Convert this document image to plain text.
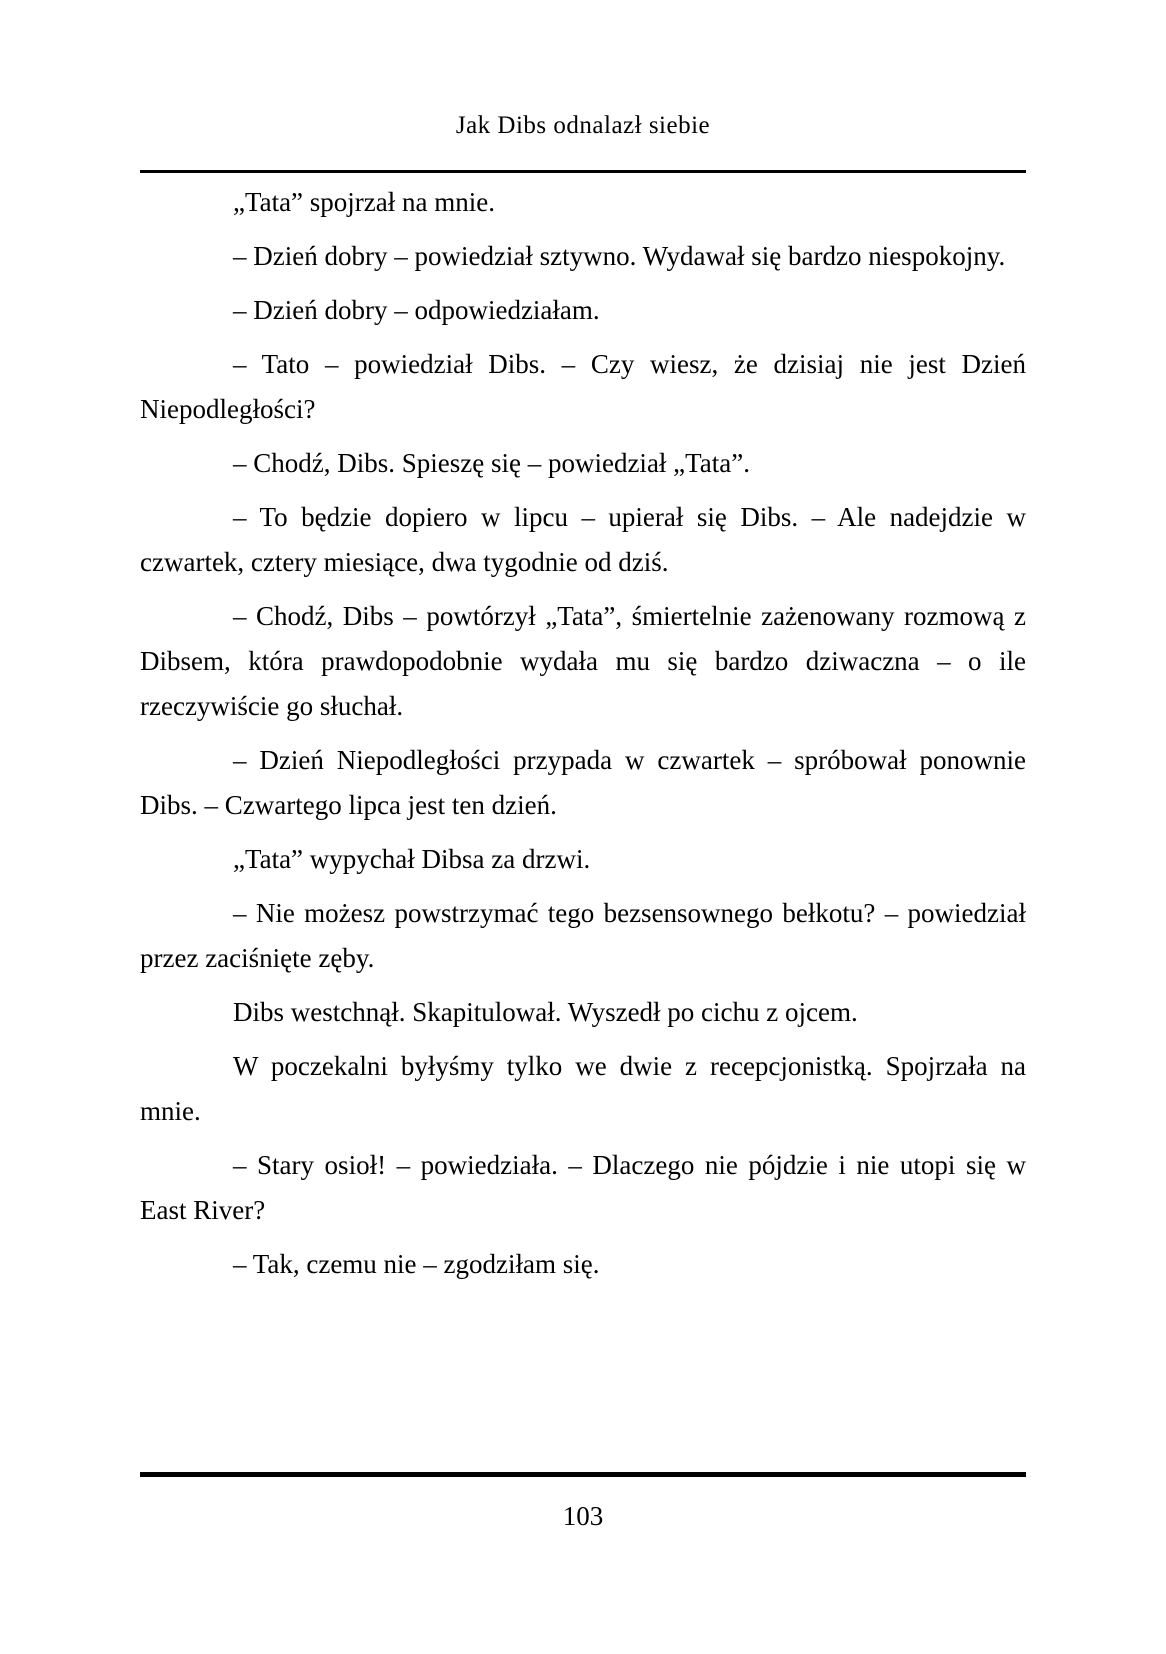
Jak Dibs odnalazł siebie

„Tata” spojrzał na mnie.

– Dzień dobry – powiedział sztywno. Wydawał się bardzo niespokojny.

– Dzień dobry – odpowiedziałam.

– Tato – powiedział Dibs. – Czy wiesz, że dzisiaj nie jest Dzień Niepodległości?

– Chodź, Dibs. Spieszę się – powiedział „Tata”.

– To będzie dopiero w lipcu – upierał się Dibs. – Ale nadejdzie w czwartek, cztery miesiące, dwa tygodnie od dziś.

– Chodź, Dibs – powtórzył „Tata”, śmiertelnie zażenowany rozmową z Dibsem, która prawdopodobnie wydała mu się bardzo dziwaczna – o ile rzeczywiście go słuchał.

– Dzień Niepodległości przypada w czwartek – spróbował ponownie Dibs. – Czwartego lipca jest ten dzień.

„Tata” wypychał Dibsa za drzwi.

– Nie możesz powstrzymać tego bezsensownego bełkotu? – powiedział przez zaciśnięte zęby.

Dibs westchnął. Skapitulował. Wyszedł po cichu z ojcem.

W poczekalni byłyśmy tylko we dwie z recepcjonistką. Spojrzała na mnie.

– Stary osioł! – powiedziała. – Dlaczego nie pójdzie i nie utopi się w East River?

– Tak, czemu nie – zgodziłam się.

103
